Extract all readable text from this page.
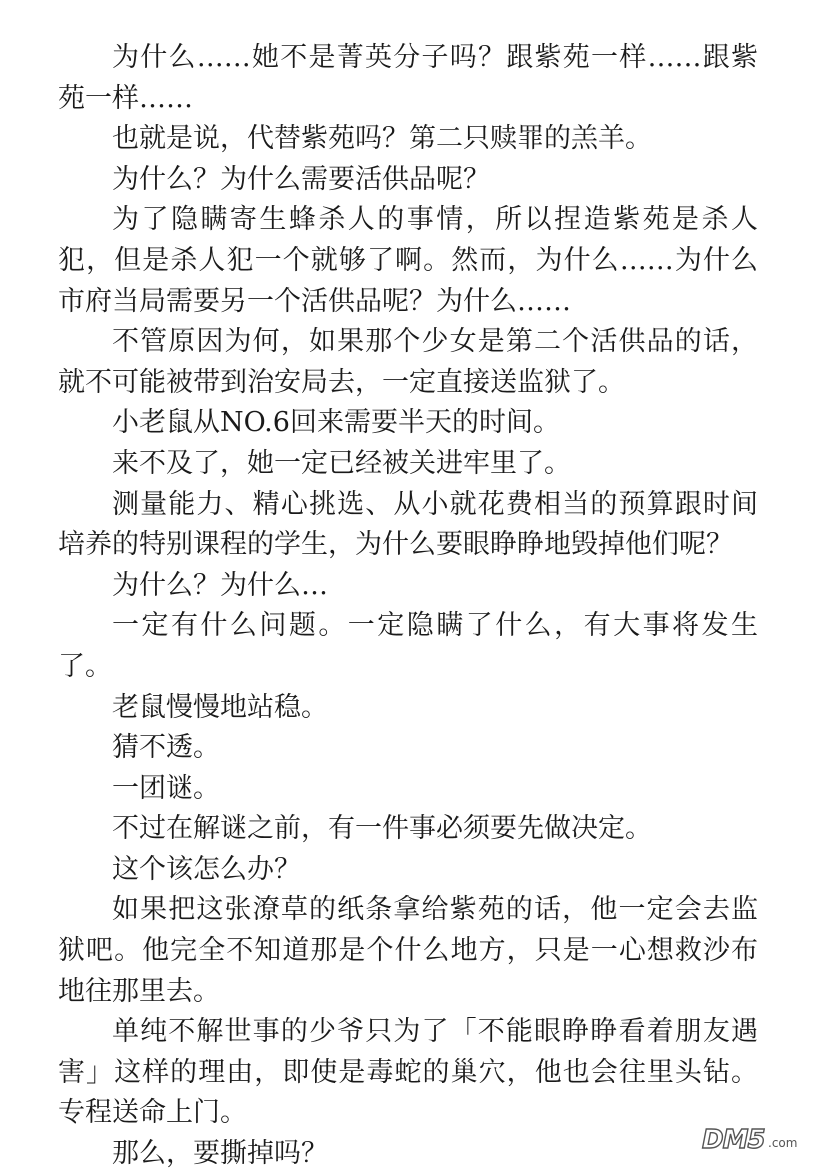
为什么……她不是菁英分子吗？跟紫苑一样……跟紫苑一样……

也就是说，代替紫苑吗？第二只赎罪的羔羊。

为什么？为什么需要活供品呢？

为了隐瞒寄生蜂杀人的事情，所以捏造紫苑是杀人犯，但是杀人犯一个就够了啊。然而，为什么……为什么市府当局需要另一个活供品呢？为什么……

不管原因为何，如果那个少女是第二个活供品的话，就不可能被带到治安局去，一定直接送监狱了。

小老鼠从NO.6回来需要半天的时间。

来不及了，她一定已经被关进牢里了。

测量能力、精心挑选、从小就花费相当的预算跟时间培养的特别课程的学生，为什么要眼睁睁地毁掉他们呢？

为什么？为什么…

一定有什么问题。一定隐瞒了什么，有大事将发生了。

老鼠慢慢地站稳。

猜不透。

一团谜。

不过在解谜之前，有一件事必须要先做决定。

这个该怎么办？

如果把这张潦草的纸条拿给紫苑的话，他一定会去监狱吧。他完全不知道那是个什么地方，只是一心想救沙布地往那里去。

单纯不解世事的少爷只为了「不能眼睁睁看着朋友遇害」这样的理由，即使是毒蛇的巢穴，他也会往里头钻。专程送命上门。

那么，要撕掉吗？	DM5 .com
